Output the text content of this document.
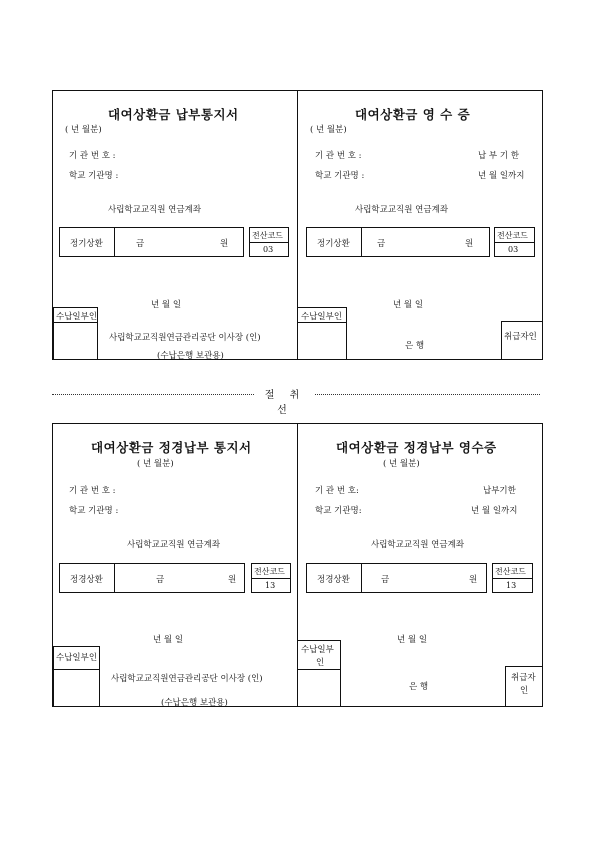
대여상환금 납부통지서
( 년 월분)
기 관 번 호 :
학교 기관명 :
사립학교교직원 연금계좌
정기상환	금	원
전산코드
03
년 월 일
수납일부인
사립학교교직원연금관리공단 이사장 (인)
(수납은행 보관용)
대여상환금 영 수 증
( 년 월분)
기 관 번 호 :	납 부 기 한
학교 기관명 :	년 월 일까지
사립학교교직원 연금계좌
정기상환	금	원
전산코드
03
년 월 일
수납일부인
은 행
취급자인
절 취 선
대여상환금 정경납부 통지서
( 년 월분)
기 관 번 호 :
학교 기관명 :
사립학교교직원 연금계좌
정경상환	금	원
전산코드
13
년 월 일
수납일부인
사립학교교직원연금관리공단 이사장 (인)
(수납은행 보관용)
대여상환금 정경납부 영수증
( 년 월분)
기 관 번 호:	납부기한
학교 기관명:	년 월 일까지
사립학교교직원 연금계좌
정경상환	금	원
전산코드
13
년 월 일
수납일부
인
은 행
취급자
인
